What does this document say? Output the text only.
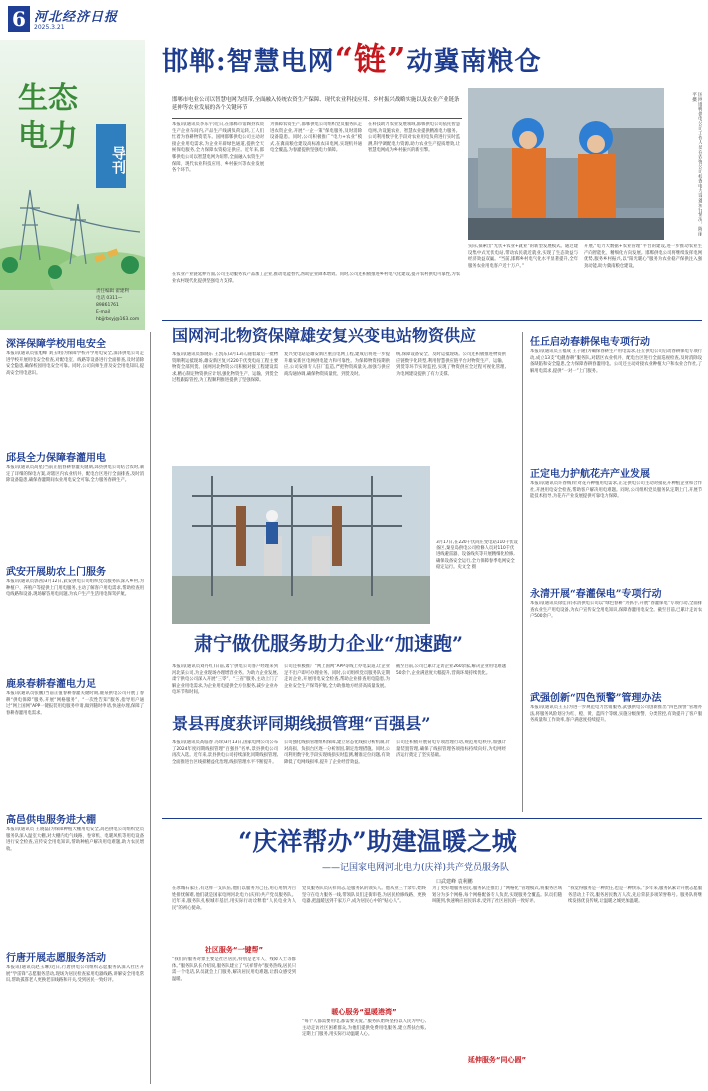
6 河北经济日报
2025.3.21
生态
电力
导刊
责任编辑 翟建利
电话 0311—89861761
E-mail hbjjrbsyj@163.com
邯郸:智慧电网“链”动冀南粮仓
邯郸市电业公司以智慧电网为纽带,全面融入传统农资生产保障、现代农业科技应用、乡村振兴战略实施以及农业产业链条延伸等农业发展的各个关键环节
本报讯(通讯员李乐宇)近日,在邯郸市馆陶县农资生产企业车间内,产品生产线满负荷运转,工人们忙着为春耕物资装车。国网邯郸供电公司主动对接企业用电需求,为企业开辟绿色通道,提供全天候保电服务,全力保障农资稳定供应。近年来,邯郸供电公司以智慧电网为纽带,全面融入农资生产保障、现代农业科技应用、乡村振兴等农业发展各个环节。
为保障农资生产,邯郸供电公司组织党员服务队走进农资企业,开展“一企一策”保电服务,及时消除设备隐患。同时,公司积极推广“电力+农业”模式,在冀南粮仓建设高标准农田电网,实现机井通电全覆盖,为春灌提供坚强电力保障。
在科技助力农业发展领域,邯郸供电公司依托智慧电网,为设施农业、智慧农业提供精准电力服务。公司利用数字化手段对农业用电负荷进行实时监测,科学调配电力资源,助力农业生产提质增效,让智慧电网成为乡村振兴的新引擎。
在农业产业链延伸方面,公司主动服务农产品加工企业,推动电能替代,帮助企业降本增效。同时,公司还积极推进乡村电气化建设,提升农村供电可靠性,为农业农村现代化提供坚强电力支撑。
国网邯郸供电公司工作人员在农资公司检查电力设备运行情况。陈丽平摄
实际,探索出“光伏+农业+就业”的新型发展模式。通过建设集中式光伏电站,带动农民就近就业,实现了生态效益与经济效益双赢。“当前,邯郸乡村电气化水平显著提升,全年服务农业用电客户近十万户。”
开展,“电力大数据+农业管理”平台的建设,进一步推动农业生产向智能化、精细化方向发展。邯郸供电公司将继续发挥电网优势,服务乡村振兴,以“阳光暖心”服务为农业稳产保供注入强劲动能,助力冀南粮仓建设。
深泽保障学校用电安全
本报讯(通讯员张旭峰 刘玉明)为保障学校开学用电安全,深泽供电公司走进学校开展用电安全检查,对配电室、线路等设备进行全面排查,及时消除安全隐患,确保校园用电安全可靠。同时,公司向师生普及安全用电知识,提高安全用电意识。
邱县全力保障春灌用电
本报讯(通讯员高星)当前正值春耕春灌关键期,邱县供电公司结合农时,制定了详细的保电方案,对辖区内农业机井、配电台区进行全面排查,及时消除设备隐患,确保春灌期间农业用电安全可靠,全力服务春耕生产。
武安开展助农上门服务
本报讯(通讯员郭茜)3月12日,武安供电公司组织党员服务队深入乡村,为种植户、养殖户等提供上门用电服务,主动了解客户用电需求,帮助检查用电线路和设备,现场解答用电问题,为农户生产生活用电保驾护航。
鹿泉春耕春灌电力足
本报讯(通讯员张鹏)当前正值春耕春灌关键时期,鹿泉供电公司开展了春耕“供电保障”服务,开展“网格服务”、“一次性告知”服务,指导用户通过“网上国网”APP一键报装用电服务申请,做到随时申请,快速办理,保障了春耕春灌用电需求。
高邑供电服务进大棚
本报讯(通讯员 王晓磊)为保障种植大棚用电安全,高邑供电公司组织党员服务队深入温室大棚,对大棚内电气线路、卷帘机、电暖风机等用电设备进行安全检查,宣传安全用电知识,帮助种植户解决用电难题,助力农民增收。
行唐开展志愿服务活动
本报讯(通讯员赵玉琳)近日,行唐供电公司组织志愿服务队深入社区开展“学雷锋”志愿服务活动,现场为居民检查家用电器线路,讲解安全用电常识,帮助孤寡老人更换老旧线路和开关,受到居民一致好评。
国网河北物资保障雄安复兴变电站物资供应
本报讯(通讯员郭晓东 王凯东)3月13日,随着最后一批物资顺利运抵现场,雄安新区复兴220千伏变电站工程主要物资全部到货。国网河北物资公司积极对接工程建设需求,精心制定物资供应计划,强化物资生产、运输、到货全过程跟踪管控,为工程顺利推进提供了坚强保障。
复兴变电站是雄安新区重点电网工程,建成后将进一步提升雄安新区电网供电能力和可靠性。为保障物资按期供应,公司安排专人驻厂监造,严把物资质量关,加强与供应商沟通协调,确保物资质量优、到货及时。
统,保障设备安全、及时运抵现场。公司还积极推进物资供应链数字化转型,利用智慧供应链平台对物资生产、运输、到货等环节实时监控,实现了物资供应全过程可视化管理,为电网建设提供了有力支撑。
3月17日,在220千伏尚庄变电站110千伏设备区,秦皇岛供电公司检修人员对110千伏进线避雷器、设备线夹等开展精细化检修,确保设备安全运行,全力保障春季电网安全稳定运行。史文全 摄
肃宁做优服务助力企业“加速跑”
本报讯(通讯员刘丹红)日前,肃宁供电公司客户经理来到河北某公司,为企业现场办理增容业务。为助力企业发展,肃宁供电公司深入开展“三零”、“三省”服务,主动上门了解企业用电需求,为企业用电提供全方位服务,减少企业办电环节和时间。
公司还积极推广“网上国网”APP等线上办电渠道,让企业足不出户即可办理业务。同时,公司组织党员服务队定期走访企业,开展用电安全检查,帮助企业排查用电隐患,为企业安全生产保驾护航,全力助推地方经济高质量发展。
截至目前,公司已累计走访企业260余家,解决企业用电难题50余个,企业满意度大幅提升,营商环境持续优化。
景县再度获评同期线损管理“百强县”
本报讯(通讯员高临春 冯珍)3月13日,国家电网公司公布了2024年度同期线损管理“百强县”名单,景县供电公司再次入选。近年来,景县供电公司持续深化同期线损管理,全面推进台区线损精益化治理,线损管理水平不断提升。
公司强化线损管理组织保障,建立常态化线损分析机制,针对高损、负损台区逐一分析原因,制定治理措施。同时,公司利用数字化手段实现线损实时监测,精准定位问题,有效降低了电网线损率,提升了企业经营效益。
公司还积极开展窃电专项治理行动,规范用电秩序,加强计量装置管理,确保了线损管理各项指标持续向好,为电网经济运行奠定了坚实基础。
任丘启动春耕保电专项行动
本报讯(通讯员王福成 王子隆)为确保春耕生产用电需求,任丘供电公司启动春耕保电专项行动,成立13支“电靓春耕”服务队,对辖区农业机井、配电台区进行全面巡视检查,及时消除设备缺陷和安全隐患,全力保障春耕春灌用电。公司还主动对接农业种植大户和农业合作社,了解用电需求,提供“一对一”上门服务。
正定电力护航花卉产业发展
本报讯(通讯员许春梅)针对花卉种植用电需求,正定供电公司主动对接花卉种植企业和合作社,开展用电安全检查,帮助客户解决用电难题。同时,公司组织党员服务队定期上门,开展节能技术指导,为花卉产业发展提供可靠电力保障。
永清开展“春灌保电”专项行动
本报讯(通讯员徐佳萍)永清供电公司以“绿色春耕”为抓手,开展“春灌保电”专项行动,全面排查农业生产用电设备,为农户宣传安全用电知识,保障春灌用电安全。截至目前,已累计走访农户500余户。
武强创新“四色预警”管理办法
本报讯(通讯员王玉)为进一步规范电力营销服务,武强供电公司创新推出“四色预警”管理办法,将服务风险划分为红、橙、黄、蓝四个等级,实施分级预警、分类管控,有效提升了客户服务质量和工作效率,客户满意度持续提升。
“庆祥帮办”助建温暖之城
——记国家电网河北电力(庆祥)共产党员服务队
口武建峰 袁利鹏
在冰城石家庄,有这样一支队伍,他们以服务为己任,用心用情为百姓排忧解难,他们就是国家电网河北电力(庆祥)共产党员服务队。近年来,服务队扎根城市基层,用实际行动诠释着“人民电业为人民”的初心使命。
社区服务“一键帮”
“我们的服务对象主要是社区居民,特别是老年人、残障人士等群体。”服务队队长介绍说,服务队建立了“庆祥帮办”服务热线,居民只需一个电话,队员就会上门服务,解决居民用电难题,让群众感受到温暖。
党员服务队员庆祥同志,是服务队的领头人。他从业三十余年,始终坚守在电力服务一线,带领队员们走街串巷,为居民检修线路、更换电器,把温暖送到千家万户,成为居民心中的“贴心人”。
暖心服务“温暖港湾”
“每个人都需要用电,都需要关爱。”服务队始终坚持以人民为中心,主动走访社区困难群众,为他们提供免费用电服务,建立帮扶台账,定期上门服务,用实际行动温暖人心。
为了更好地服务居民,服务队还推出了“网格化”管理模式,将服务区域划分为多个网格,每个网格配备专人负责,实现服务全覆盖。队员们随叫随到,快速响应居民诉求,受到了社区居民的一致好评。
延伸服务“同心圆”
“我觉得服务是一种责任,也是一种快乐。”多年来,服务队累计开展志愿服务活动上千次,服务居民数万人次,先后荣获多项荣誉称号。服务队将继续发扬优良传统,让温暖之城更加温暖。
